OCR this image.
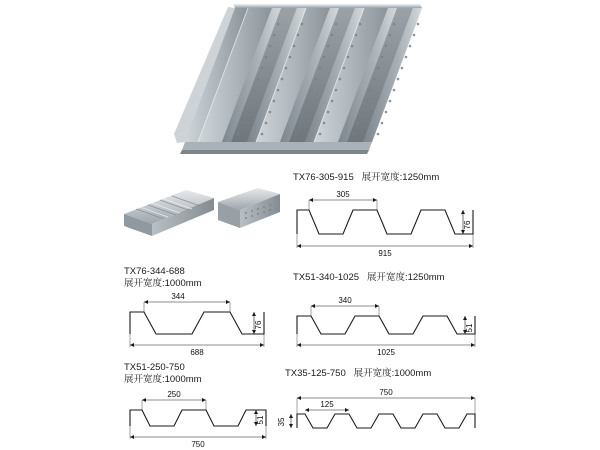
TX76-305-915 展开宽度:1250mm
TX76-344-688
展开宽度:1000mm
TX51-340-1025 展开宽度:1250mm
TX51-250-750
展开宽度:1000mm
TX35-125-750 展开宽度:1000mm
305
76
915
344
76
688
340
51
1025
250
51
750
750
125
35
